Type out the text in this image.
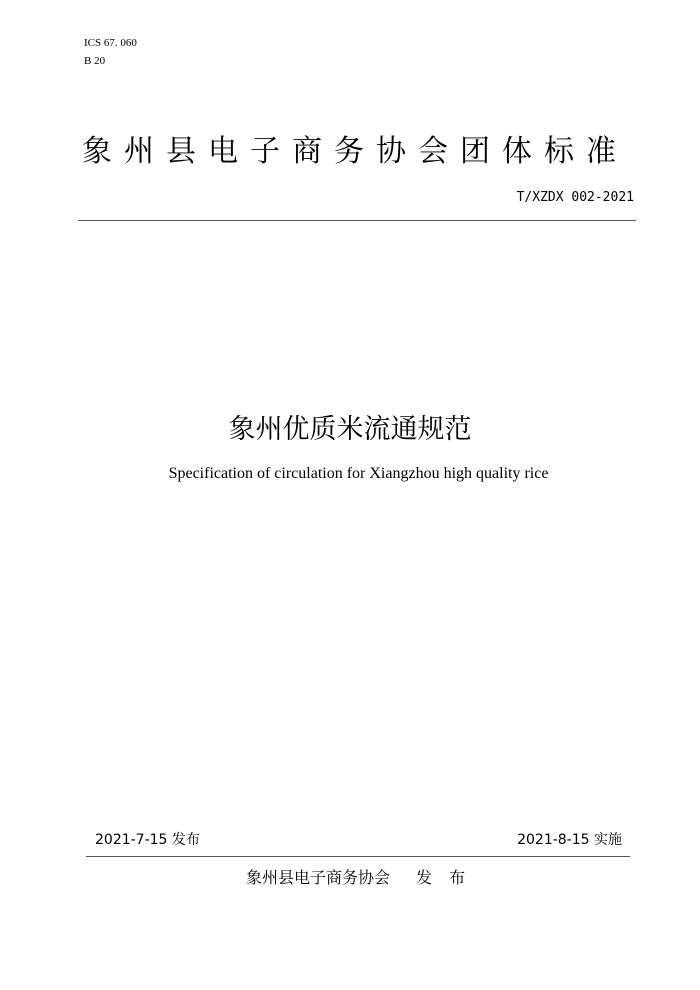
ICS 67. 060
B 20
象州县电子商务协会团体标准
T/XZDX 002-2021
象州优质米流通规范
Specification of circulation for Xiangzhou high quality rice
2021-7-15 发布	2021-8-15 实施
象州县电子商务协会 发 布
